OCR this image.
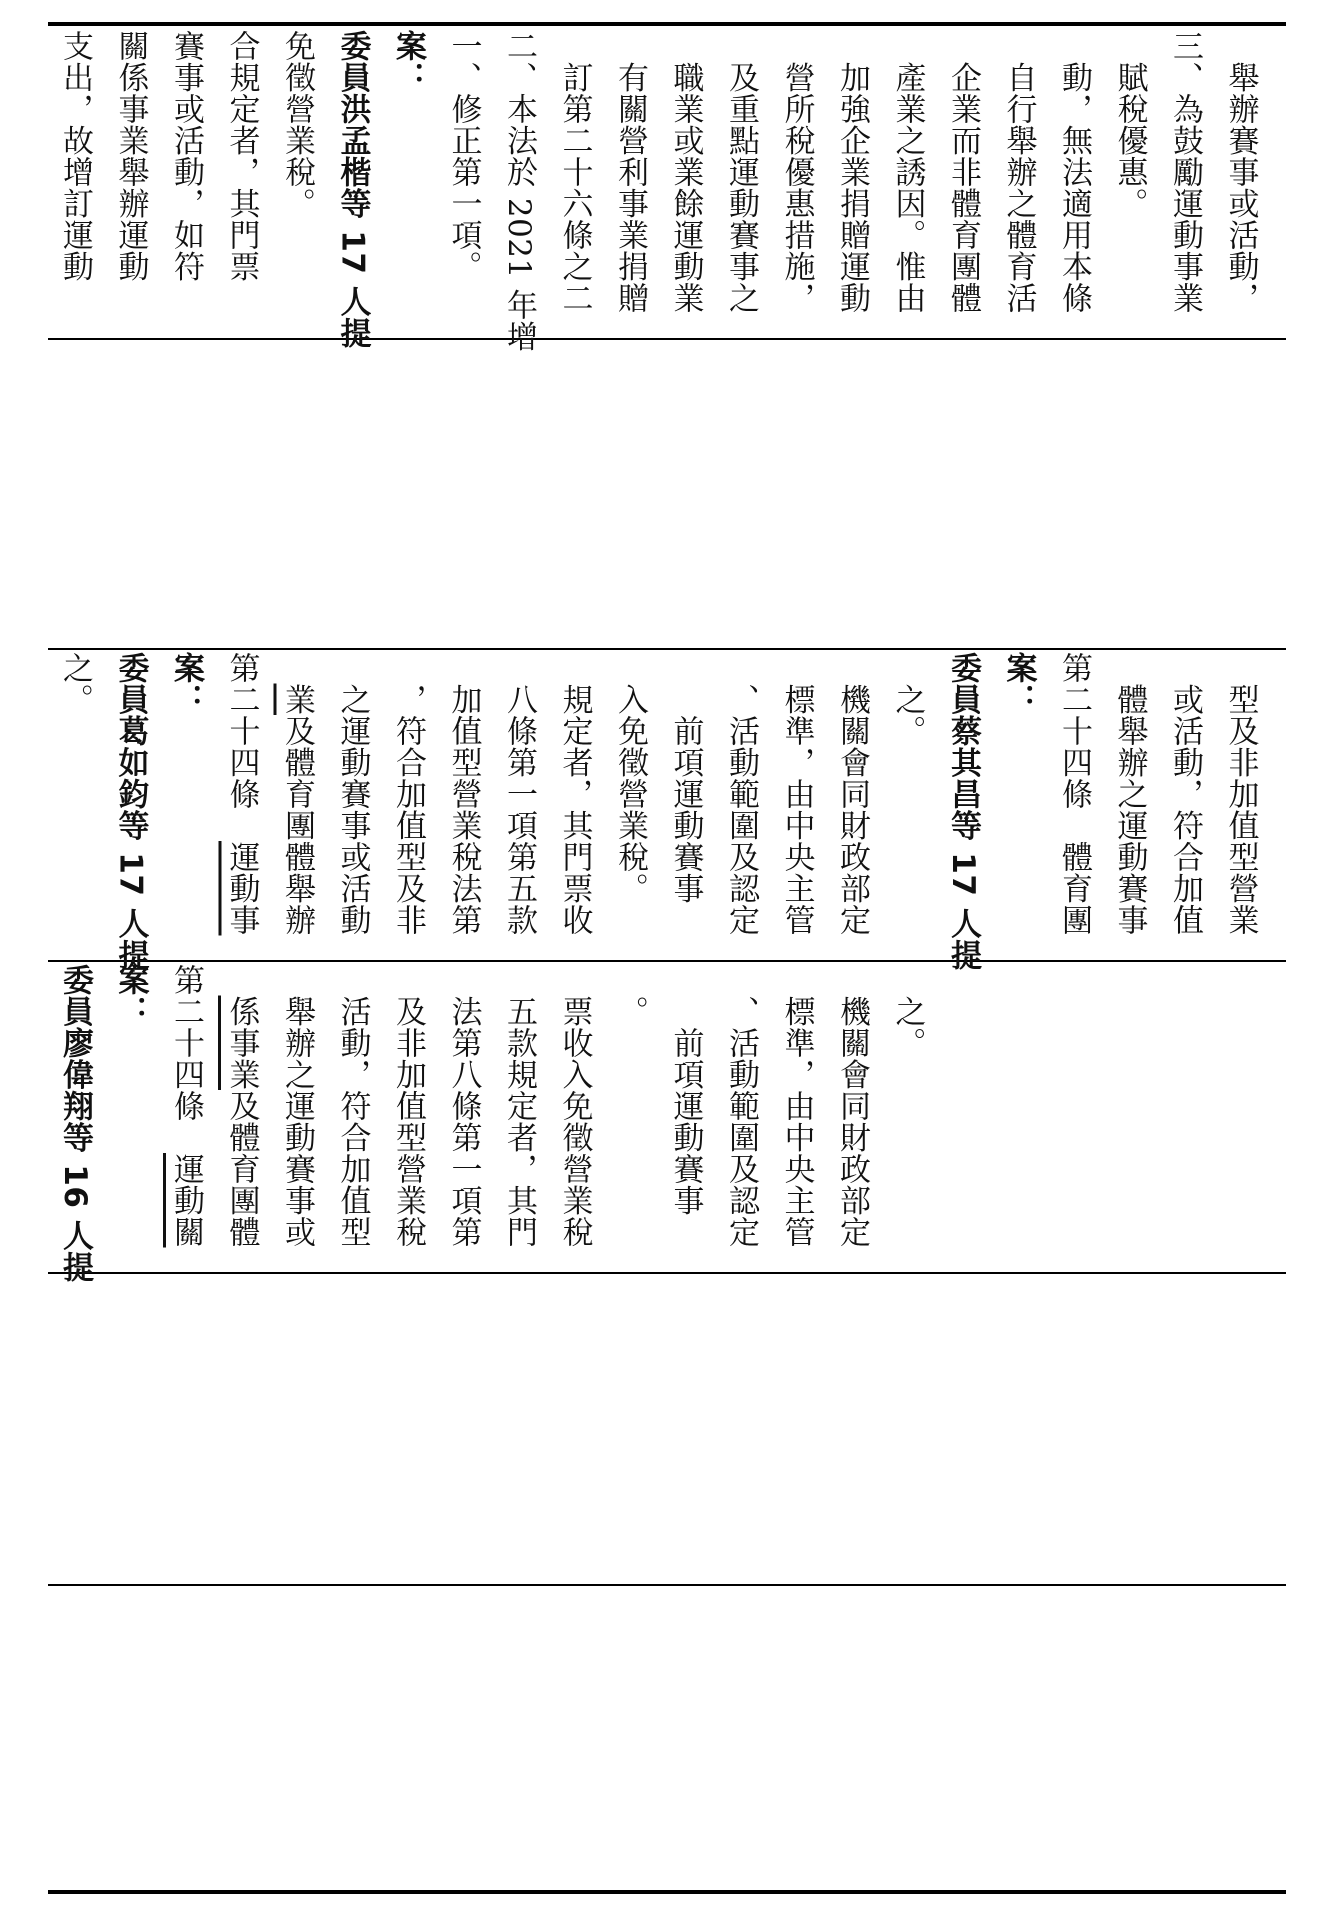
支出，故增訂運動 關係事業舉辦運動 賽事或活動，如符 合規定者，其門票 免徵營業稅。 委員洪孟楷等 17 人提 案： 一、修正第一項。 二、本法於 2021 年增 　訂第二十六條之二 　有關營利事業捐贈 　職業或業餘運動業 　及重點運動賽事之 　營所稅優惠措施， 　加強企業捐贈運動 　產業之誘因。惟由 　企業而非體育團體 　自行舉辦之體育活 　動，無法適用本條 　賦稅優惠。 三、為鼓勵運動事業 　舉辦賽事或活動，
之。 委員葛如鈞等 17 人提 案： 第二十四條　運動事
　業及體育團體舉辦 　之運動賽事或活動 　，符合加值型及非 　加值型營業稅法第 　八條第一項第五款 　規定者，其門票收 　入免徵營業稅。 　　前項運動賽事 　、活動範圍及認定 　標準，由中央主管 　機關會同財政部定 　之。 委員蔡其昌等 17 人提 案： 第二十四條　體育團 　體舉辦之運動賽事 　或活動，符合加值 　型及非加值型營業
委員廖偉翔等 16 人提 案： 第二十四條　運動關
　係事業及體育團體 　舉辦之運動賽事或 　活動，符合加值型 　及非加值型營業稅 　法第八條第一項第 　五款規定者，其門 　票收入免徵營業稅 　。 　　前項運動賽事 　、活動範圍及認定 　標準，由中央主管 　機關會同財政部定 　之。
